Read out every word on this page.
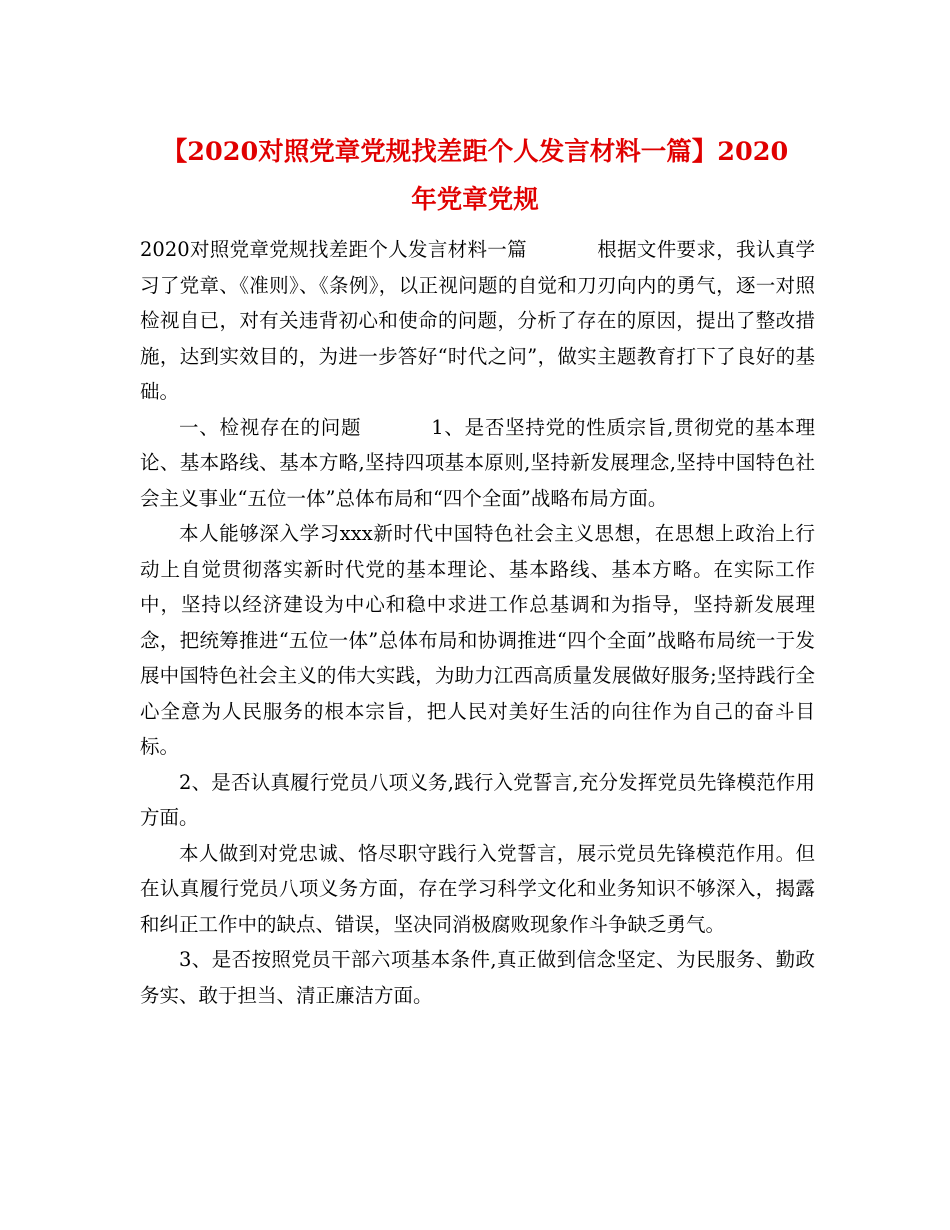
【2020对照党章党规找差距个人发言材料一篇】2020
年党章党规

2020对照党章党规找差距个人发言材料一篇	根据文件要求，我认真学习了党章、《准则》、《条例》，以正视问题的自觉和刀刃向内的勇气，逐一对照检视自已，对有关违背初心和使命的问题，分析了存在的原因，提出了整改措施，达到实效目的，为进一步答好“时代之问”，做实主题教育打下了良好的基础。

一、检视存在的问题	1、是否坚持党的性质宗旨,贯彻党的基本理论、基本路线、基本方略,坚持四项基本原则,坚持新发展理念,坚持中国特色社会主义事业“五位一体”总体布局和“四个全面”战略布局方面。

本人能够深入学习xxx新时代中国特色社会主义思想，在思想上政治上行动上自觉贯彻落实新时代党的基本理论、基本路线、基本方略。在实际工作中，坚持以经济建设为中心和稳中求进工作总基调和为指导，坚持新发展理念，把统筹推进“五位一体”总体布局和协调推进“四个全面”战略布局统一于发展中国特色社会主义的伟大实践，为助力江西高质量发展做好服务;坚持践行全心全意为人民服务的根本宗旨，把人民对美好生活的向往作为自己的奋斗目标。

2、是否认真履行党员八项义务,践行入党誓言,充分发挥党员先锋模范作用方面。

本人做到对党忠诚、恪尽职守践行入党誓言，展示党员先锋模范作用。但在认真履行党员八项义务方面，存在学习科学文化和业务知识不够深入，揭露和纠正工作中的缺点、错误，坚决同消极腐败现象作斗争缺乏勇气。

3、是否按照党员干部六项基本条件,真正做到信念坚定、为民服务、勤政务实、敢于担当、清正廉洁方面。
